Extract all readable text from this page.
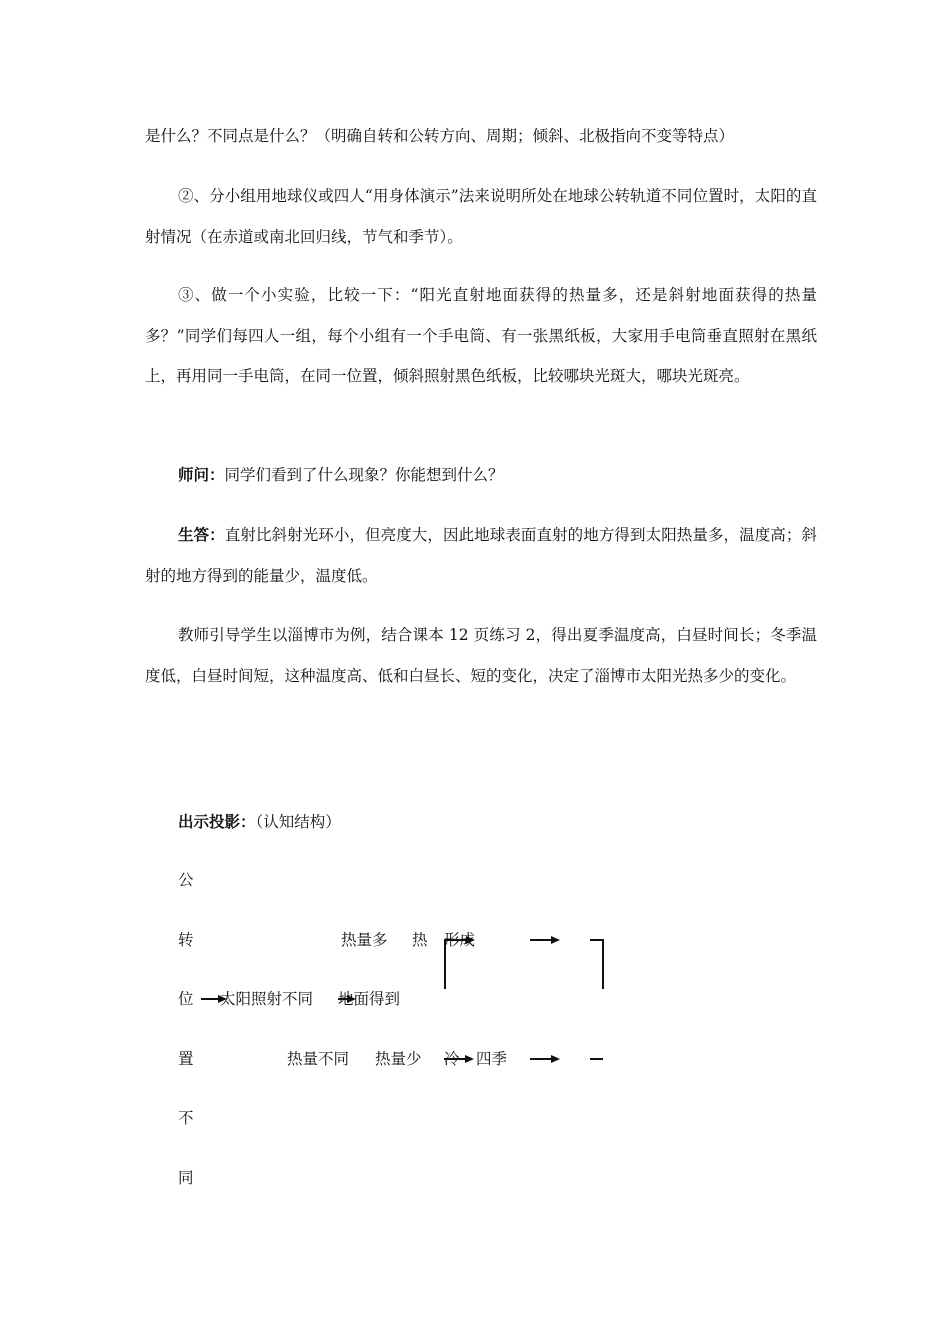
是什么？不同点是什么？（明确自转和公转方向、周期；倾斜、北极指向不变等特点）

②、分小组用地球仪或四人“用身体演示”法来说明所处在地球公转轨道不同位置时，太阳的直射情况（在赤道或南北回归线，节气和季节）。

③、做一个小实验，比较一下：“阳光直射地面获得的热量多，还是斜射地面获得的热量多？”同学们每四人一组，每个小组有一个手电筒、有一张黑纸板，大家用手电筒垂直照射在黑纸上，再用同一手电筒，在同一位置，倾斜照射黑色纸板，比较哪块光斑大，哪块光斑亮。

师问：同学们看到了什么现象？你能想到什么？

生答：直射比斜射光环小，但亮度大，因此地球表面直射的地方得到太阳热量多，温度高；斜射的地方得到的能量少，温度低。

教师引导学生以淄博市为例，结合课本 12 页练习 2，得出夏季温度高，白昼时间长；冬季温度低，白昼时间短，这种温度高、低和白昼长、短的变化，决定了淄博市太阳光热多少的变化。

出示投影：（认知结构）

公
转
位
置
不
同
太阳照射不同 地面得到
热量不同
热量多 热
热量少
形成
四季
